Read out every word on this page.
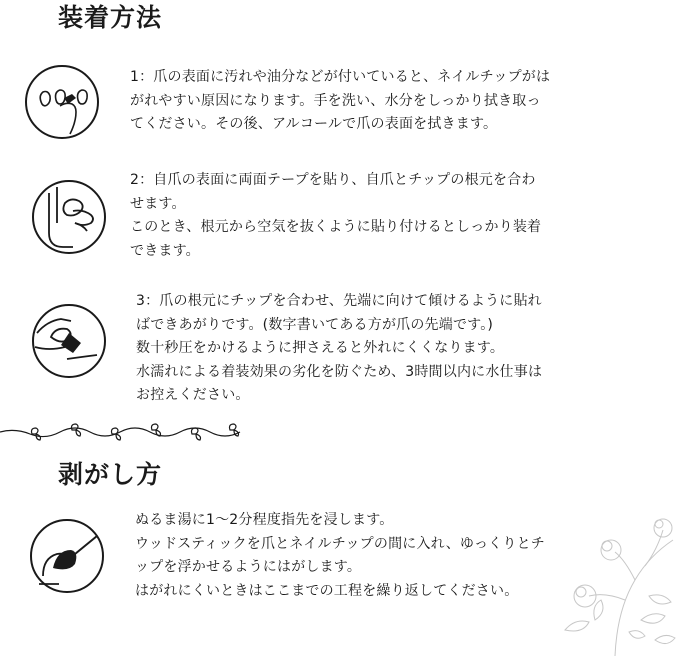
装着方法
1：爪の表面に汚れや油分などが付いていると、ネイルチップがは
がれやすい原因になります。手を洗い、水分をしっかり拭き取っ
てください。その後、アルコールで爪の表面を拭きます。
2：自爪の表面に両面テープを貼り、自爪とチップの根元を合わ
せます。
このとき、根元から空気を抜くように貼り付けるとしっかり装着
できます。
3：爪の根元にチップを合わせ、先端に向けて傾けるように貼れ
ばできあがりです。(数字書いてある方が爪の先端です。)
数十秒圧をかけるように押さえると外れにくくなります。
水濡れによる着装効果の劣化を防ぐため、3時間以内に水仕事は
お控えください。
剥がし方
ぬるま湯に1〜2分程度指先を浸します。
ウッドスティックを爪とネイルチップの間に入れ、ゆっくりとチ
ップを浮かせるようにはがします。
はがれにくいときはここまでの工程を繰り返してください。
